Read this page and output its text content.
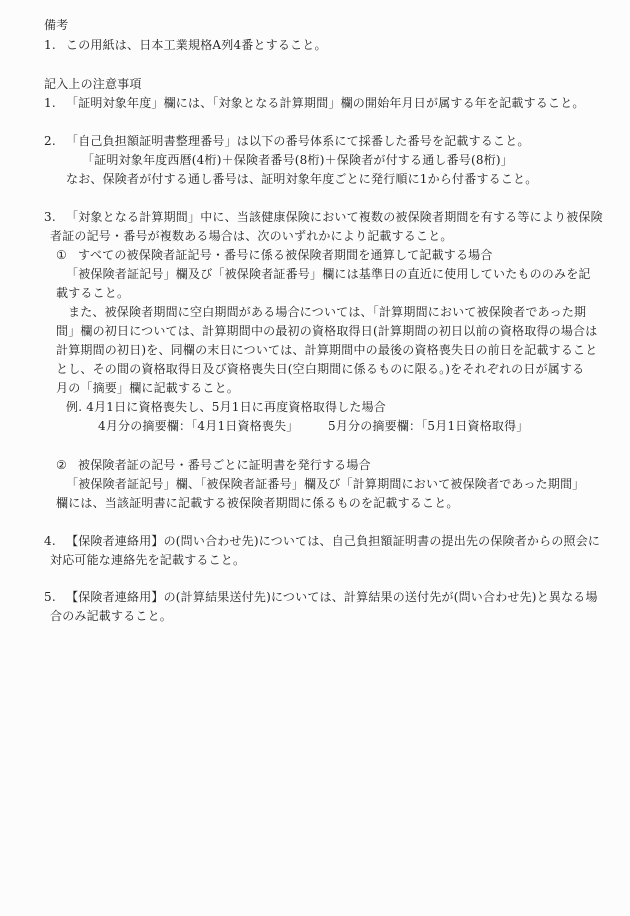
備考
1. この用紙は、日本工業規格A列4番とすること。
記入上の注意事項
1. 「証明対象年度」欄には、「対象となる計算期間」欄の開始年月日が属する年を記載すること。
2. 「自己負担額証明書整理番号」は以下の番号体系にて採番した番号を記載すること。
「証明対象年度西暦(4桁)＋保険者番号(8桁)＋保険者が付する通し番号(8桁)」
なお、保険者が付する通し番号は、証明対象年度ごとに発行順に1から付番すること。
3. 「対象となる計算期間」中に、当該健康保険において複数の被保険者期間を有する等により被保険
者証の記号・番号が複数ある場合は、次のいずれかにより記載すること。
① すべての被保険者証記号・番号に係る被保険者期間を通算して記載する場合
「被保険者証記号」欄及び「被保険者証番号」欄には基準日の直近に使用していたもののみを記
載すること。
また、被保険者期間に空白期間がある場合については、「計算期間において被保険者であった期
間」欄の初日については、計算期間中の最初の資格取得日(計算期間の初日以前の資格取得の場合は
計算期間の初日)を、同欄の末日については、計算期間中の最後の資格喪失日の前日を記載すること
とし、その間の資格取得日及び資格喪失日(空白期間に係るものに限る。)をそれぞれの日が属する
月の「摘要」欄に記載すること。
例. 4月1日に資格喪失し、5月1日に再度資格取得した場合
4月分の摘要欄：「4月1日資格喪失」 5月分の摘要欄：「5月1日資格取得」
② 被保険者証の記号・番号ごとに証明書を発行する場合
「被保険者証記号」欄、「被保険者証番号」欄及び「計算期間において被保険者であった期間」
欄には、当該証明書に記載する被保険者期間に係るものを記載すること。
4. 【保険者連絡用】の(問い合わせ先)については、自己負担額証明書の提出先の保険者からの照会に
対応可能な連絡先を記載すること。
5. 【保険者連絡用】の(計算結果送付先)については、計算結果の送付先が(問い合わせ先)と異なる場
合のみ記載すること。
